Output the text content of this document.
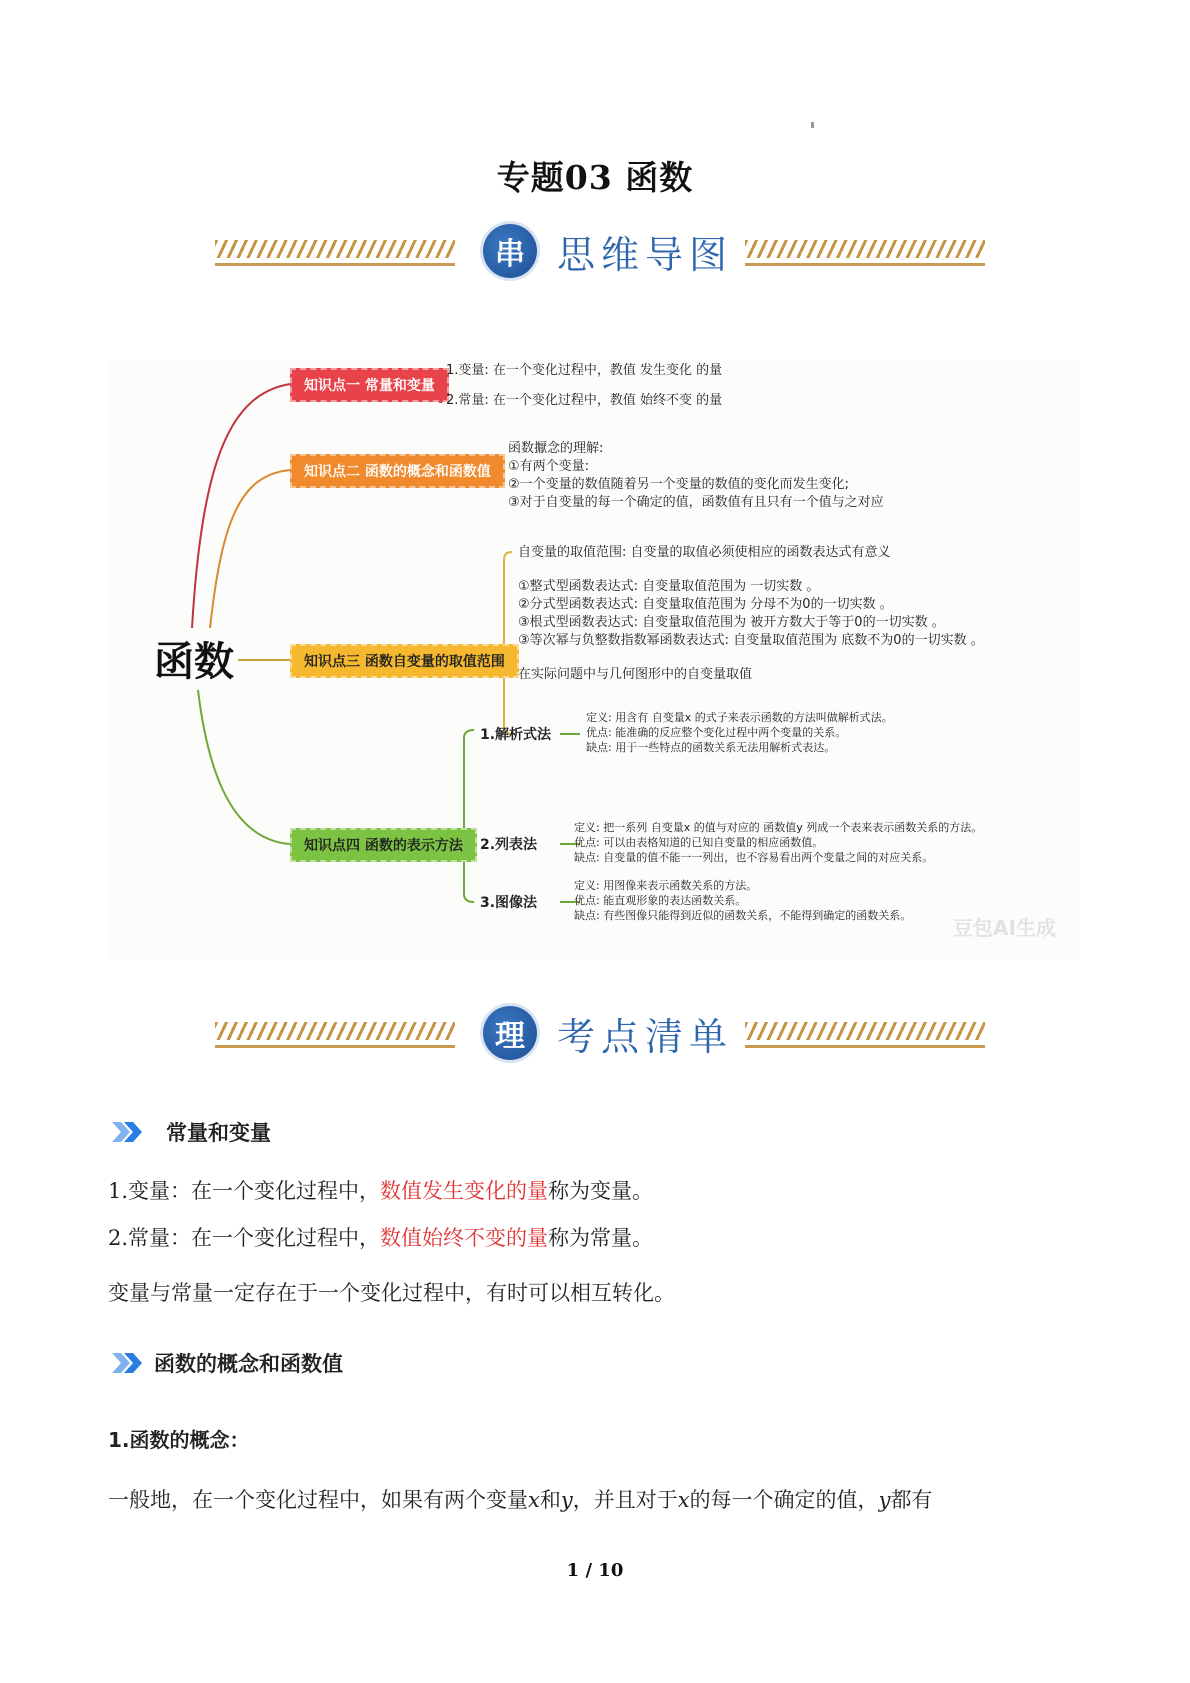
专题03 函数
串 思维导图
函数
知识点一 常量和变量
1.变量: 在一个变化过程中，教值 发生变化 的量
2.常量: 在一个变化过程中，教值 始终不变 的量
知识点二 函数的概念和函数值
函数擫念的理解:
①有两个变量:
②一个变量的数值随着另一个变量的数值的变化而发生变化;
③对于自变量的每一个确定的值，函数值有且只有一个值与之对应
知识点三 函数自变量的取值范围
自变量的取值范围: 自变量的取值必须使相应的函数表达式有意义
①整式型函数表达式: 自变量取值范围为 一切实数 。
②分式型函数表达式: 自变量取值范围为 分母不为0的一切实数 。
③根式型函数表达式: 自变量取值范围为 被开方数大于等于0的一切实数 。
③等次幂与负整数指数幂函数表达式: 自变量取值范围为 底数不为0的一切实数 。
在实际问题中与几何图形中的自变量取值
知识点四 函数的表示方法
1.解析式法
定义: 用含有 自变量x 的式子来表示函数的方法叫做解析式法。
优点: 能准确的反应整个变化过程中两个变量的关系。
缺点: 用于一些特点的函数关系无法用解析式表达。
2.列表法
定义: 把一系列 自变量x 的值与对应的 函数值y 列成一个表来表示函数关系的方法。
优点: 可以由表格知道的已知自变量的相应函数值。
缺点: 自变量的值不能一一列出，也不容易看出两个变量之间的对应关系。
3.图像法
定义: 用图像来表示函数关系的方法。
优点: 能直观形象的表达函数关系。
缺点: 有些图像只能得到近似的函数关系，不能得到确定的函数关系。
豆包AI生成
理 考点清单
常量和变量
1.变量：在一个变化过程中，数值发生变化的量称为变量。
2.常量：在一个变化过程中，数值始终不变的量称为常量。
变量与常量一定存在于一个变化过程中，有时可以相互转化。
函数的概念和函数值
1.函数的概念：
一般地，在一个变化过程中，如果有两个变量x和y，并且对于x的每一个确定的值，y都有
1 / 10
